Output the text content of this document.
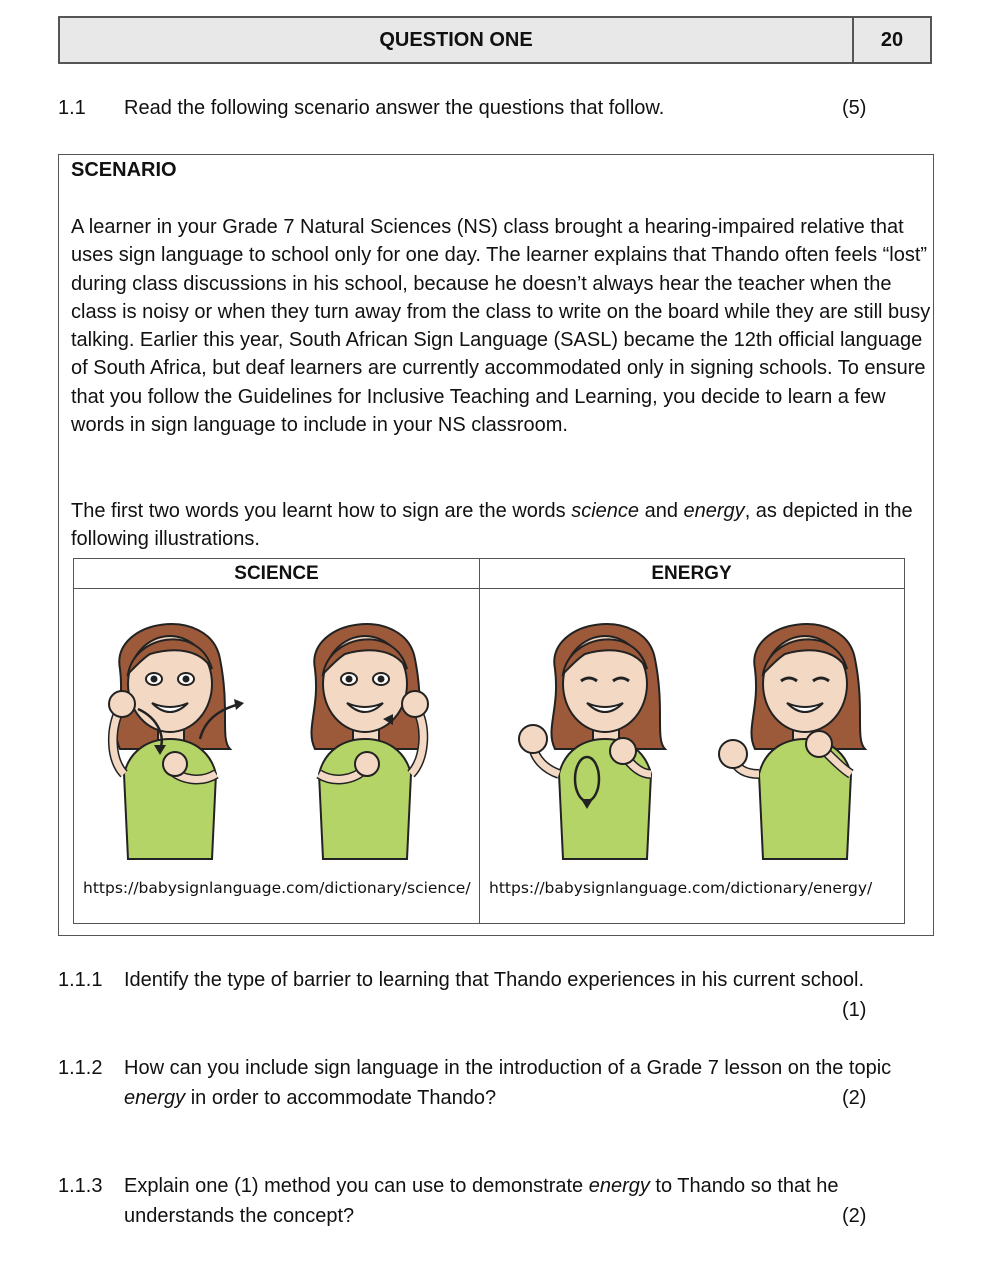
QUESTION ONE	20
1.1 Read the following scenario answer the questions that follow.	(5)
SCENARIO
A learner in your Grade 7 Natural Sciences (NS) class brought a hearing-impaired relative that uses sign language to school only for one day. The learner explains that Thando often feels “lost” during class discussions in his school, because he doesn’t always hear the teacher when the class is noisy or when they turn away from the class to write on the board while they are still busy talking. Earlier this year, South African Sign Language (SASL) became the 12th official language of South Africa, but deaf learners are currently accommodated only in signing schools. To ensure that you follow the Guidelines for Inclusive Teaching and Learning, you decide to learn a few words in sign language to include in your NS classroom.
The first two words you learnt how to sign are the words science and energy, as depicted in the following illustrations.
SCIENCE
https://babysignlanguage.com/dictionary/science/
ENERGY
https://babysignlanguage.com/dictionary/energy/
1.1.1 Identify the type of barrier to learning that Thando experiences in his current school.
(1)
1.1.2 How can you include sign language in the introduction of a Grade 7 lesson on the topic energy in order to accommodate Thando?	(2)
1.1.3 Explain one (1) method you can use to demonstrate energy to Thando so that he understands the concept?	(2)
